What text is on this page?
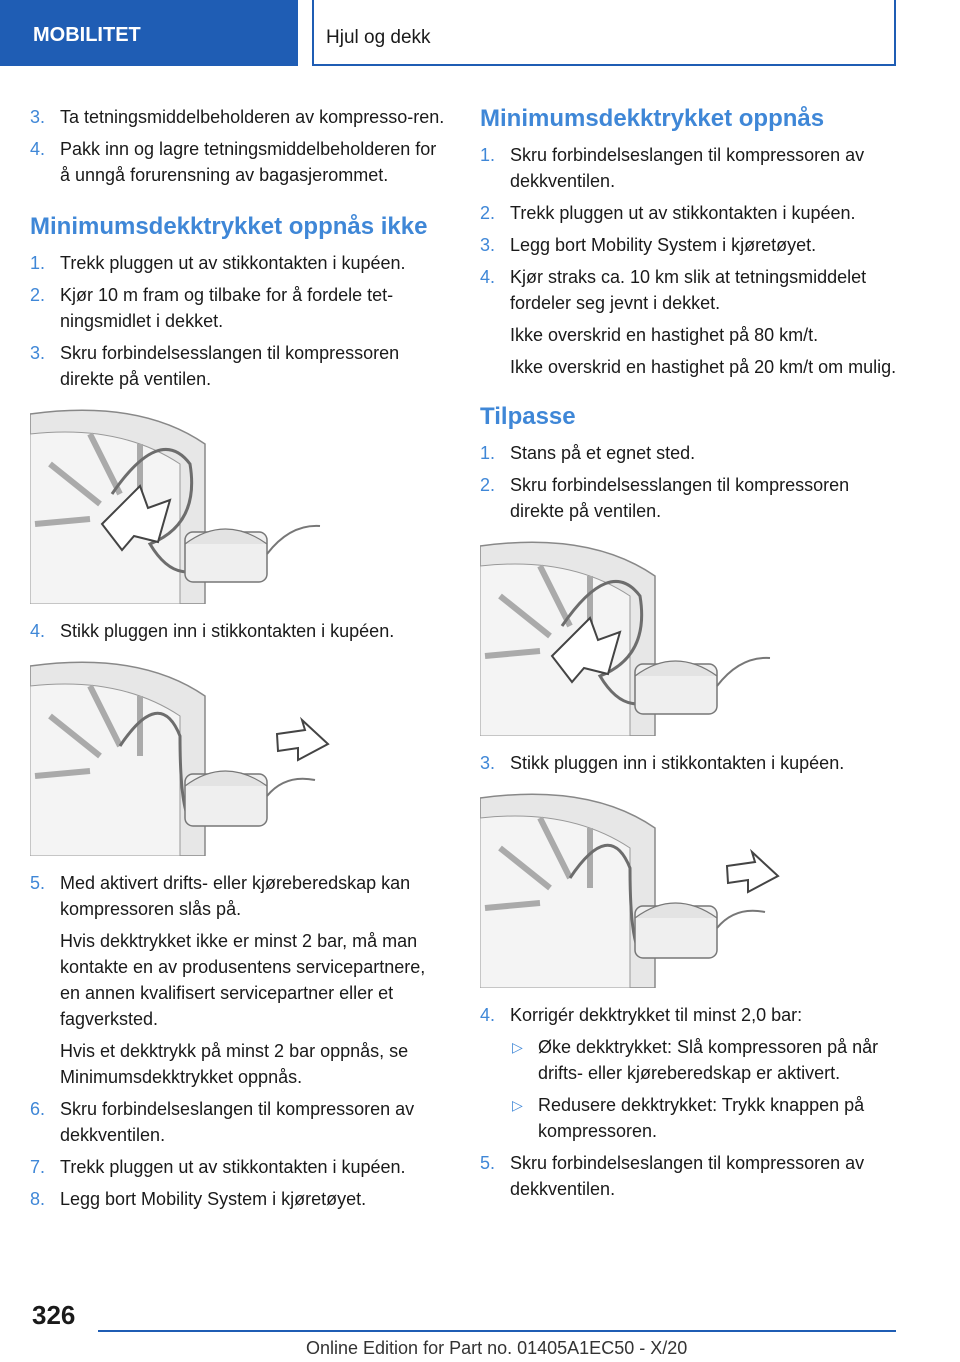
MOBILITET	Hjul og dekk
3. Ta tetningsmiddelbeholderen av kompresso-ren.
4. Pakk inn og lagre tetningsmiddelbeholderen for å unngå forurensning av bagasjerommet.
Minimumsdekktrykket oppnås ikke
1. Trekk pluggen ut av stikkontakten i kupéen.
2. Kjør 10 m fram og tilbake for å fordele tet-ningsmidlet i dekket.
3. Skru forbindelsesslangen til kompressoren direkte på ventilen.
4. Stikk pluggen inn i stikkontakten i kupéen.
5. Med aktivert drifts- eller kjøreberedskap kan kompressoren slås på.
Hvis dekktrykket ikke er minst 2 bar, må man kontakte en av produsentens servicepartnere, en annen kvalifisert servicepartner eller et fagverksted.
Hvis et dekktrykk på minst 2 bar oppnås, se Minimumsdekktrykket oppnås.
6. Skru forbindelseslangen til kompressoren av dekkventilen.
7. Trekk pluggen ut av stikkontakten i kupéen.
8. Legg bort Mobility System i kjøretøyet.
Minimumsdekktrykket oppnås
1. Skru forbindelseslangen til kompressoren av dekkventilen.
2. Trekk pluggen ut av stikkontakten i kupéen.
3. Legg bort Mobility System i kjøretøyet.
4. Kjør straks ca. 10 km slik at tetningsmiddelet fordeler seg jevnt i dekket.
Ikke overskrid en hastighet på 80 km/t.
Ikke overskrid en hastighet på 20 km/t om mulig.
Tilpasse
1. Stans på et egnet sted.
2. Skru forbindelsesslangen til kompressoren direkte på ventilen.
3. Stikk pluggen inn i stikkontakten i kupéen.
4. Korrigér dekktrykket til minst 2,0 bar:
▷ Øke dekktrykket: Slå kompressoren på når drifts- eller kjøreberedskap er aktivert.
▷ Redusere dekktrykket: Trykk knappen på kompressoren.
5. Skru forbindelseslangen til kompressoren av dekkventilen.
326
Online Edition for Part no. 01405A1EC50 - X/20
